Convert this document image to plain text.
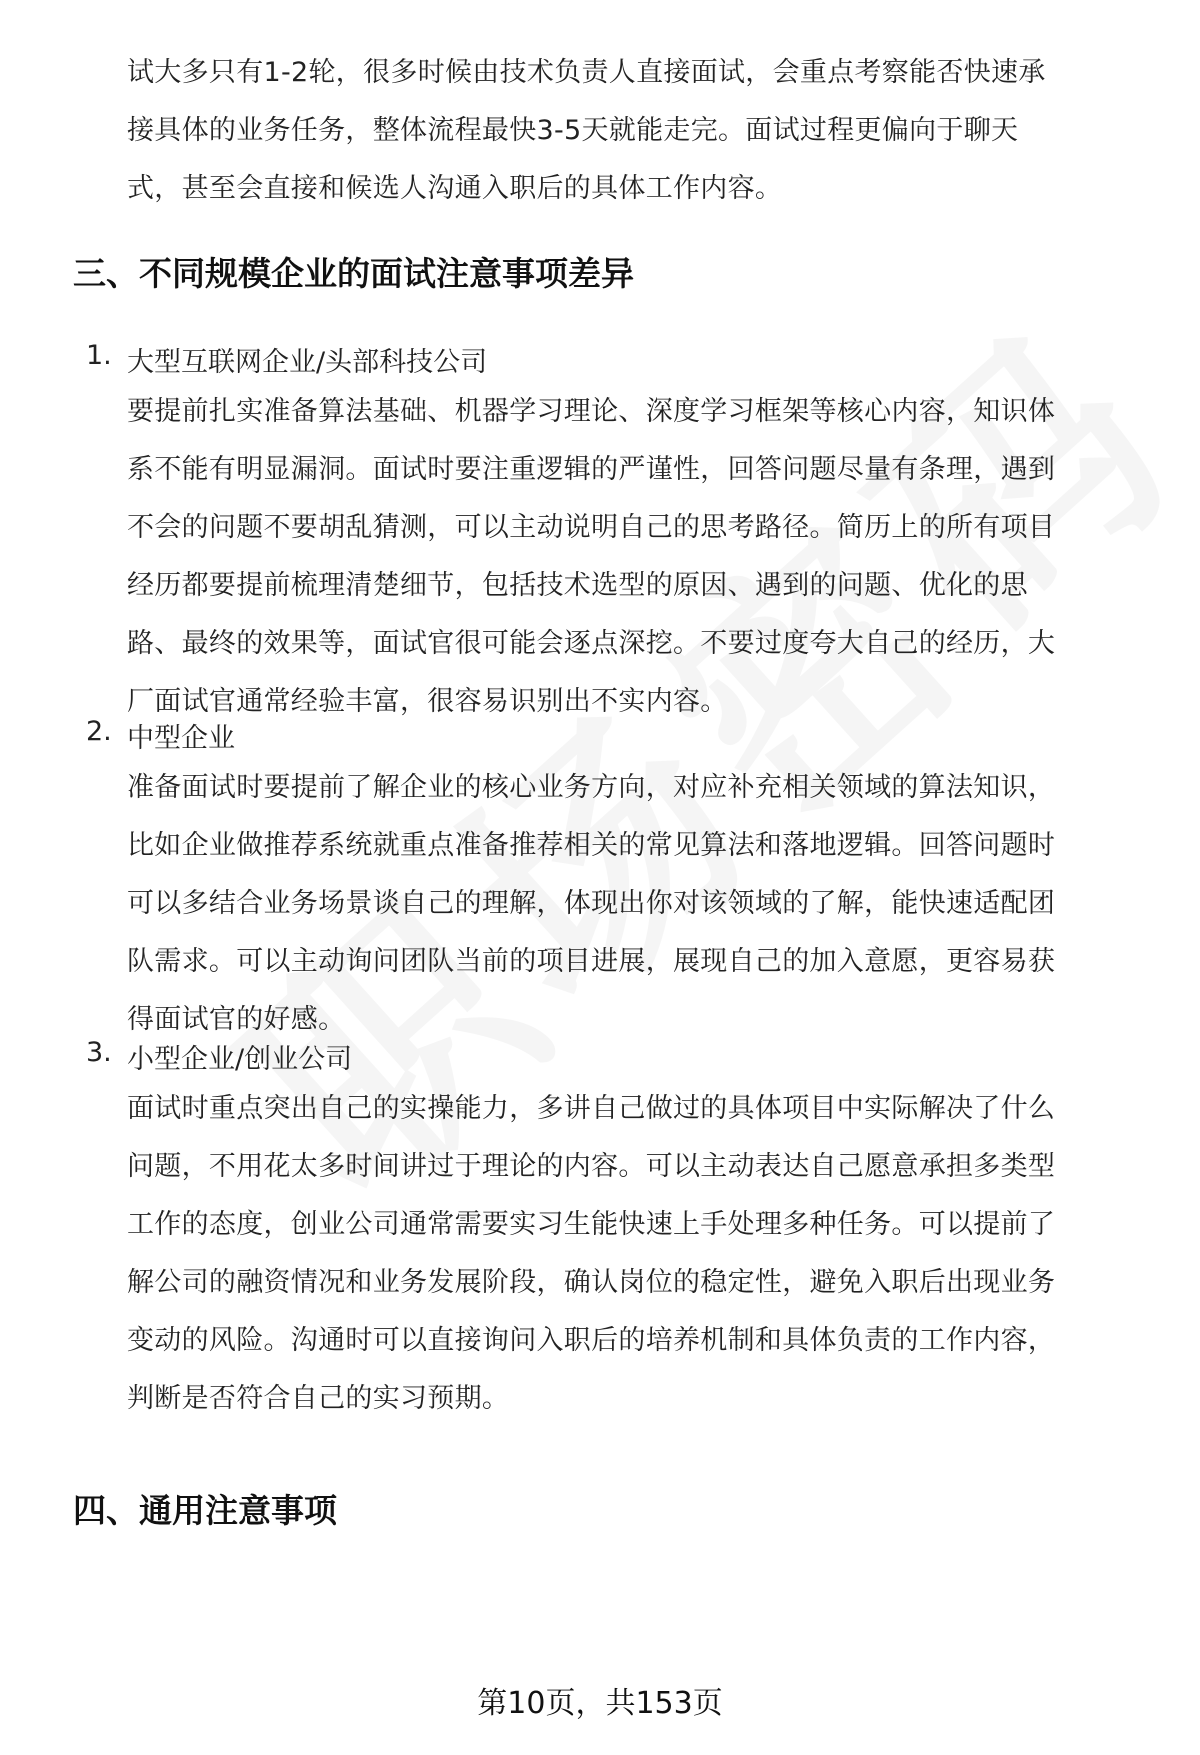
试大多只有1-2轮，很多时候由技术负责人直接面试，会重点考察能否快速承
接具体的业务任务，整体流程最快3-5天就能走完。面试过程更偏向于聊天
式，甚至会直接和候选人沟通入职后的具体工作内容。
三、不同规模企业的面试注意事项差异
1. 大型互联网企业/头部科技公司
要提前扎实准备算法基础、机器学习理论、深度学习框架等核心内容，知识体
系不能有明显漏洞。面试时要注重逻辑的严谨性，回答问题尽量有条理，遇到
不会的问题不要胡乱猜测，可以主动说明自己的思考路径。简历上的所有项目
经历都要提前梳理清楚细节，包括技术选型的原因、遇到的问题、优化的思
路、最终的效果等，面试官很可能会逐点深挖。不要过度夸大自己的经历，大
厂面试官通常经验丰富，很容易识别出不实内容。
2. 中型企业
准备面试时要提前了解企业的核心业务方向，对应补充相关领域的算法知识，
比如企业做推荐系统就重点准备推荐相关的常见算法和落地逻辑。回答问题时
可以多结合业务场景谈自己的理解，体现出你对该领域的了解，能快速适配团
队需求。可以主动询问团队当前的项目进展，展现自己的加入意愿，更容易获
得面试官的好感。
3. 小型企业/创业公司
面试时重点突出自己的实操能力，多讲自己做过的具体项目中实际解决了什么
问题，不用花太多时间讲过于理论的内容。可以主动表达自己愿意承担多类型
工作的态度，创业公司通常需要实习生能快速上手处理多种任务。可以提前了
解公司的融资情况和业务发展阶段，确认岗位的稳定性，避免入职后出现业务
变动的风险。沟通时可以直接询问入职后的培养机制和具体负责的工作内容，
判断是否符合自己的实习预期。
四、通用注意事项
第10页，共153页
